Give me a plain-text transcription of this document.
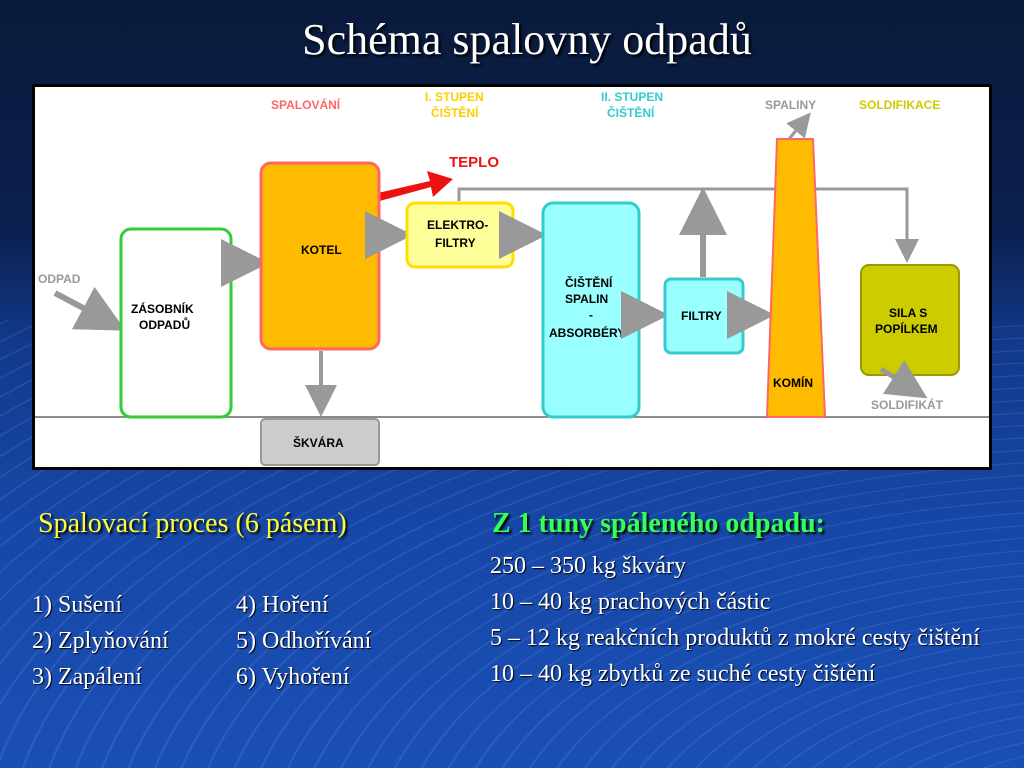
Schéma spalovny odpadů
SPALOVÁNÍ
I. STUPEN
ČIŠTĚNÍ
II. STUPEN
ČIŠTĚNÍ
SPALINY	SOLDIFIKACE
TEPLO
ODPAD
ZÁSOBNÍK
ODPADŮ
KOTEL
ŠKVÁRA
ELEKTRO-
FILTRY
ČIŠTĚNÍ
SPALIN
-
ABSORBÉRY
FILTRY
KOMÍN
SILA S
POPÍLKEM
SOLDIFIKÁT
Spalovací proces (6 pásem)
1) Sušení
2) Zplyňování
3) Zapálení
4) Hoření
5) Odhořívání
6) Vyhoření
Z 1 tuny spáleného odpadu:
250 – 350 kg škváry
10 – 40 kg prachových částic
5 – 12 kg reakčních produktů z mokré cesty čištění
10 – 40 kg zbytků ze suché cesty čištění
